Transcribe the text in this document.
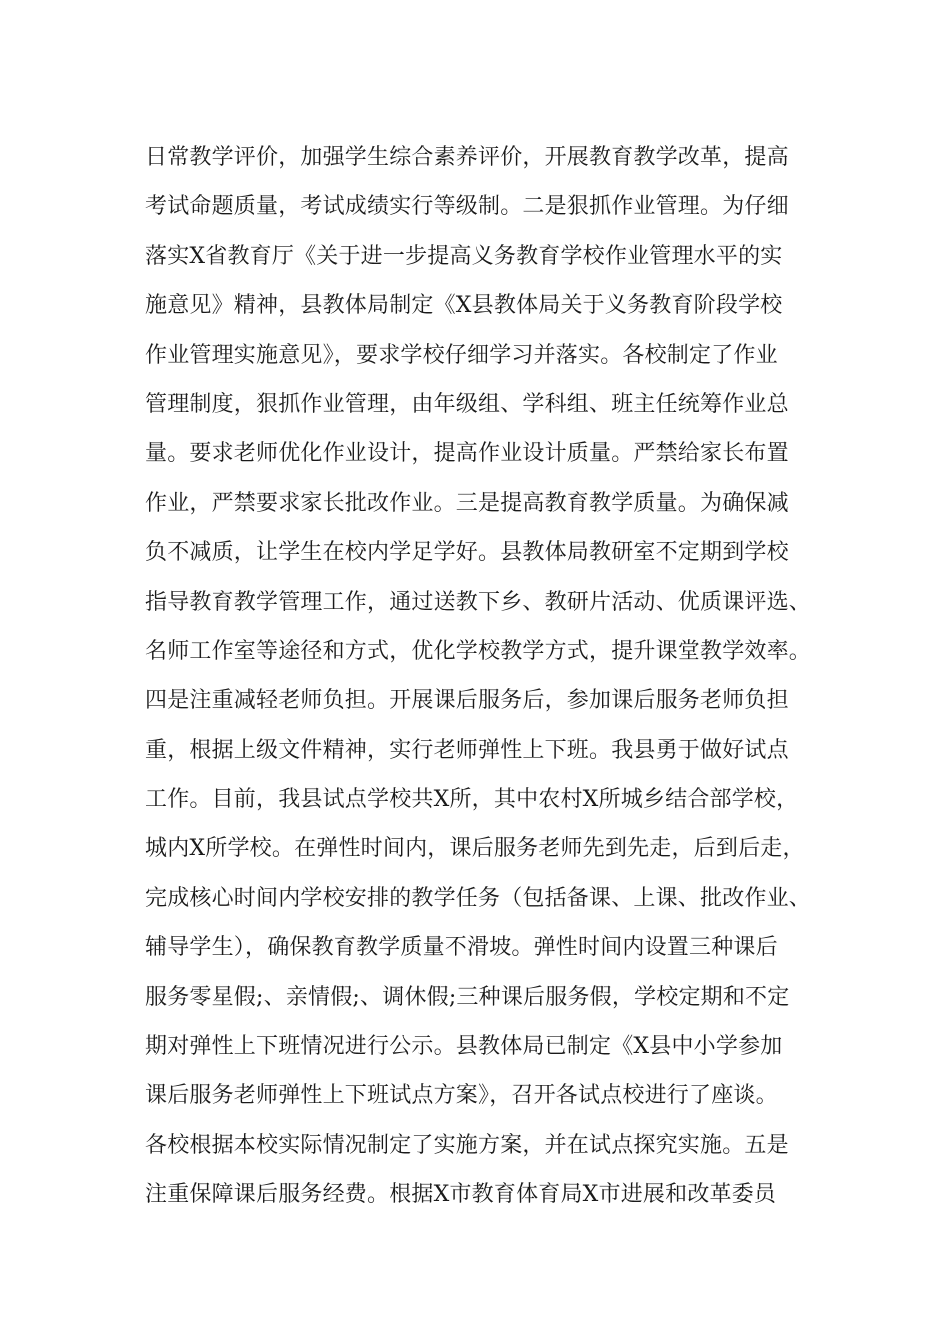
日常教学评价，加强学生综合素养评价，开展教育教学改革，提高
考试命题质量，考试成绩实行等级制。二是狠抓作业管理。为仔细
落实X省教育厅《关于进一步提高义务教育学校作业管理水平的实
施意见》精神，县教体局制定《X县教体局关于义务教育阶段学校
作业管理实施意见》，要求学校仔细学习并落实。各校制定了作业
管理制度，狠抓作业管理，由年级组、学科组、班主任统筹作业总
量。要求老师优化作业设计，提高作业设计质量。严禁给家长布置
作业，严禁要求家长批改作业。三是提高教育教学质量。为确保减
负不减质，让学生在校内学足学好。县教体局教研室不定期到学校
指导教育教学管理工作，通过送教下乡、教研片活动、优质课评选、
名师工作室等途径和方式，优化学校教学方式，提升课堂教学效率。
四是注重减轻老师负担。开展课后服务后，参加课后服务老师负担
重，根据上级文件精神，实行老师弹性上下班。我县勇于做好试点
工作。目前，我县试点学校共X所，其中农村X所城乡结合部学校，
城内X所学校。在弹性时间内，课后服务老师先到先走，后到后走，
完成核心时间内学校安排的教学任务（包括备课、上课、批改作业、
辅导学生），确保教育教学质量不滑坡。弹性时间内设置三种课后
服务零星假;、亲情假;、调休假;三种课后服务假，学校定期和不定
期对弹性上下班情况进行公示。县教体局已制定《X县中小学参加
课后服务老师弹性上下班试点方案》，召开各试点校进行了座谈。
各校根据本校实际情况制定了实施方案，并在试点探究实施。五是
注重保障课后服务经费。根据X市教育体育局X市进展和改革委员
